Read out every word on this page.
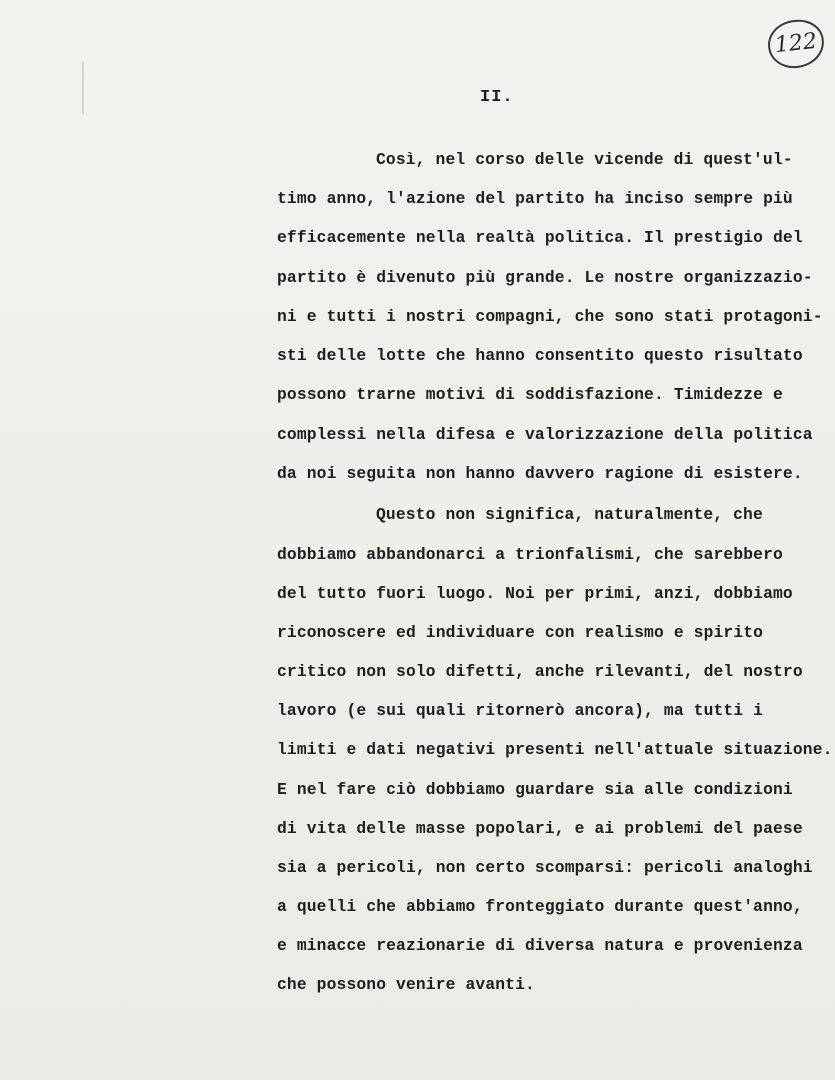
122
II.

Così, nel corso delle vicende di quest'ul-

timo anno, l'azione del partito ha inciso sempre più

efficacemente nella realtà politica. Il prestigio del

partito è divenuto più grande. Le nostre organizzazio-

ni e tutti i nostri compagni, che sono stati protagoni-

sti delle lotte che hanno consentito questo risultato

possono trarne motivi di soddisfazione. Timidezze e

complessi nella difesa e valorizzazione della politica

da noi seguita non hanno davvero ragione di esistere.

Questo non significa, naturalmente, che

dobbiamo abbandonarci a trionfalismi, che sarebbero

del tutto fuori luogo. Noi per primi, anzi, dobbiamo

riconoscere ed individuare con realismo e spirito

critico non solo difetti, anche rilevanti, del nostro

lavoro (e sui quali ritornerò ancora), ma tutti i

limiti e dati negativi presenti nell'attuale situazione.

E nel fare ciò dobbiamo guardare sia alle condizioni

di vita delle masse popolari, e ai problemi del paese

sia a pericoli, non certo scomparsi: pericoli analoghi

a quelli che abbiamo fronteggiato durante quest'anno,

e minacce reazionarie di diversa natura e provenienza

che possono venire avanti.
